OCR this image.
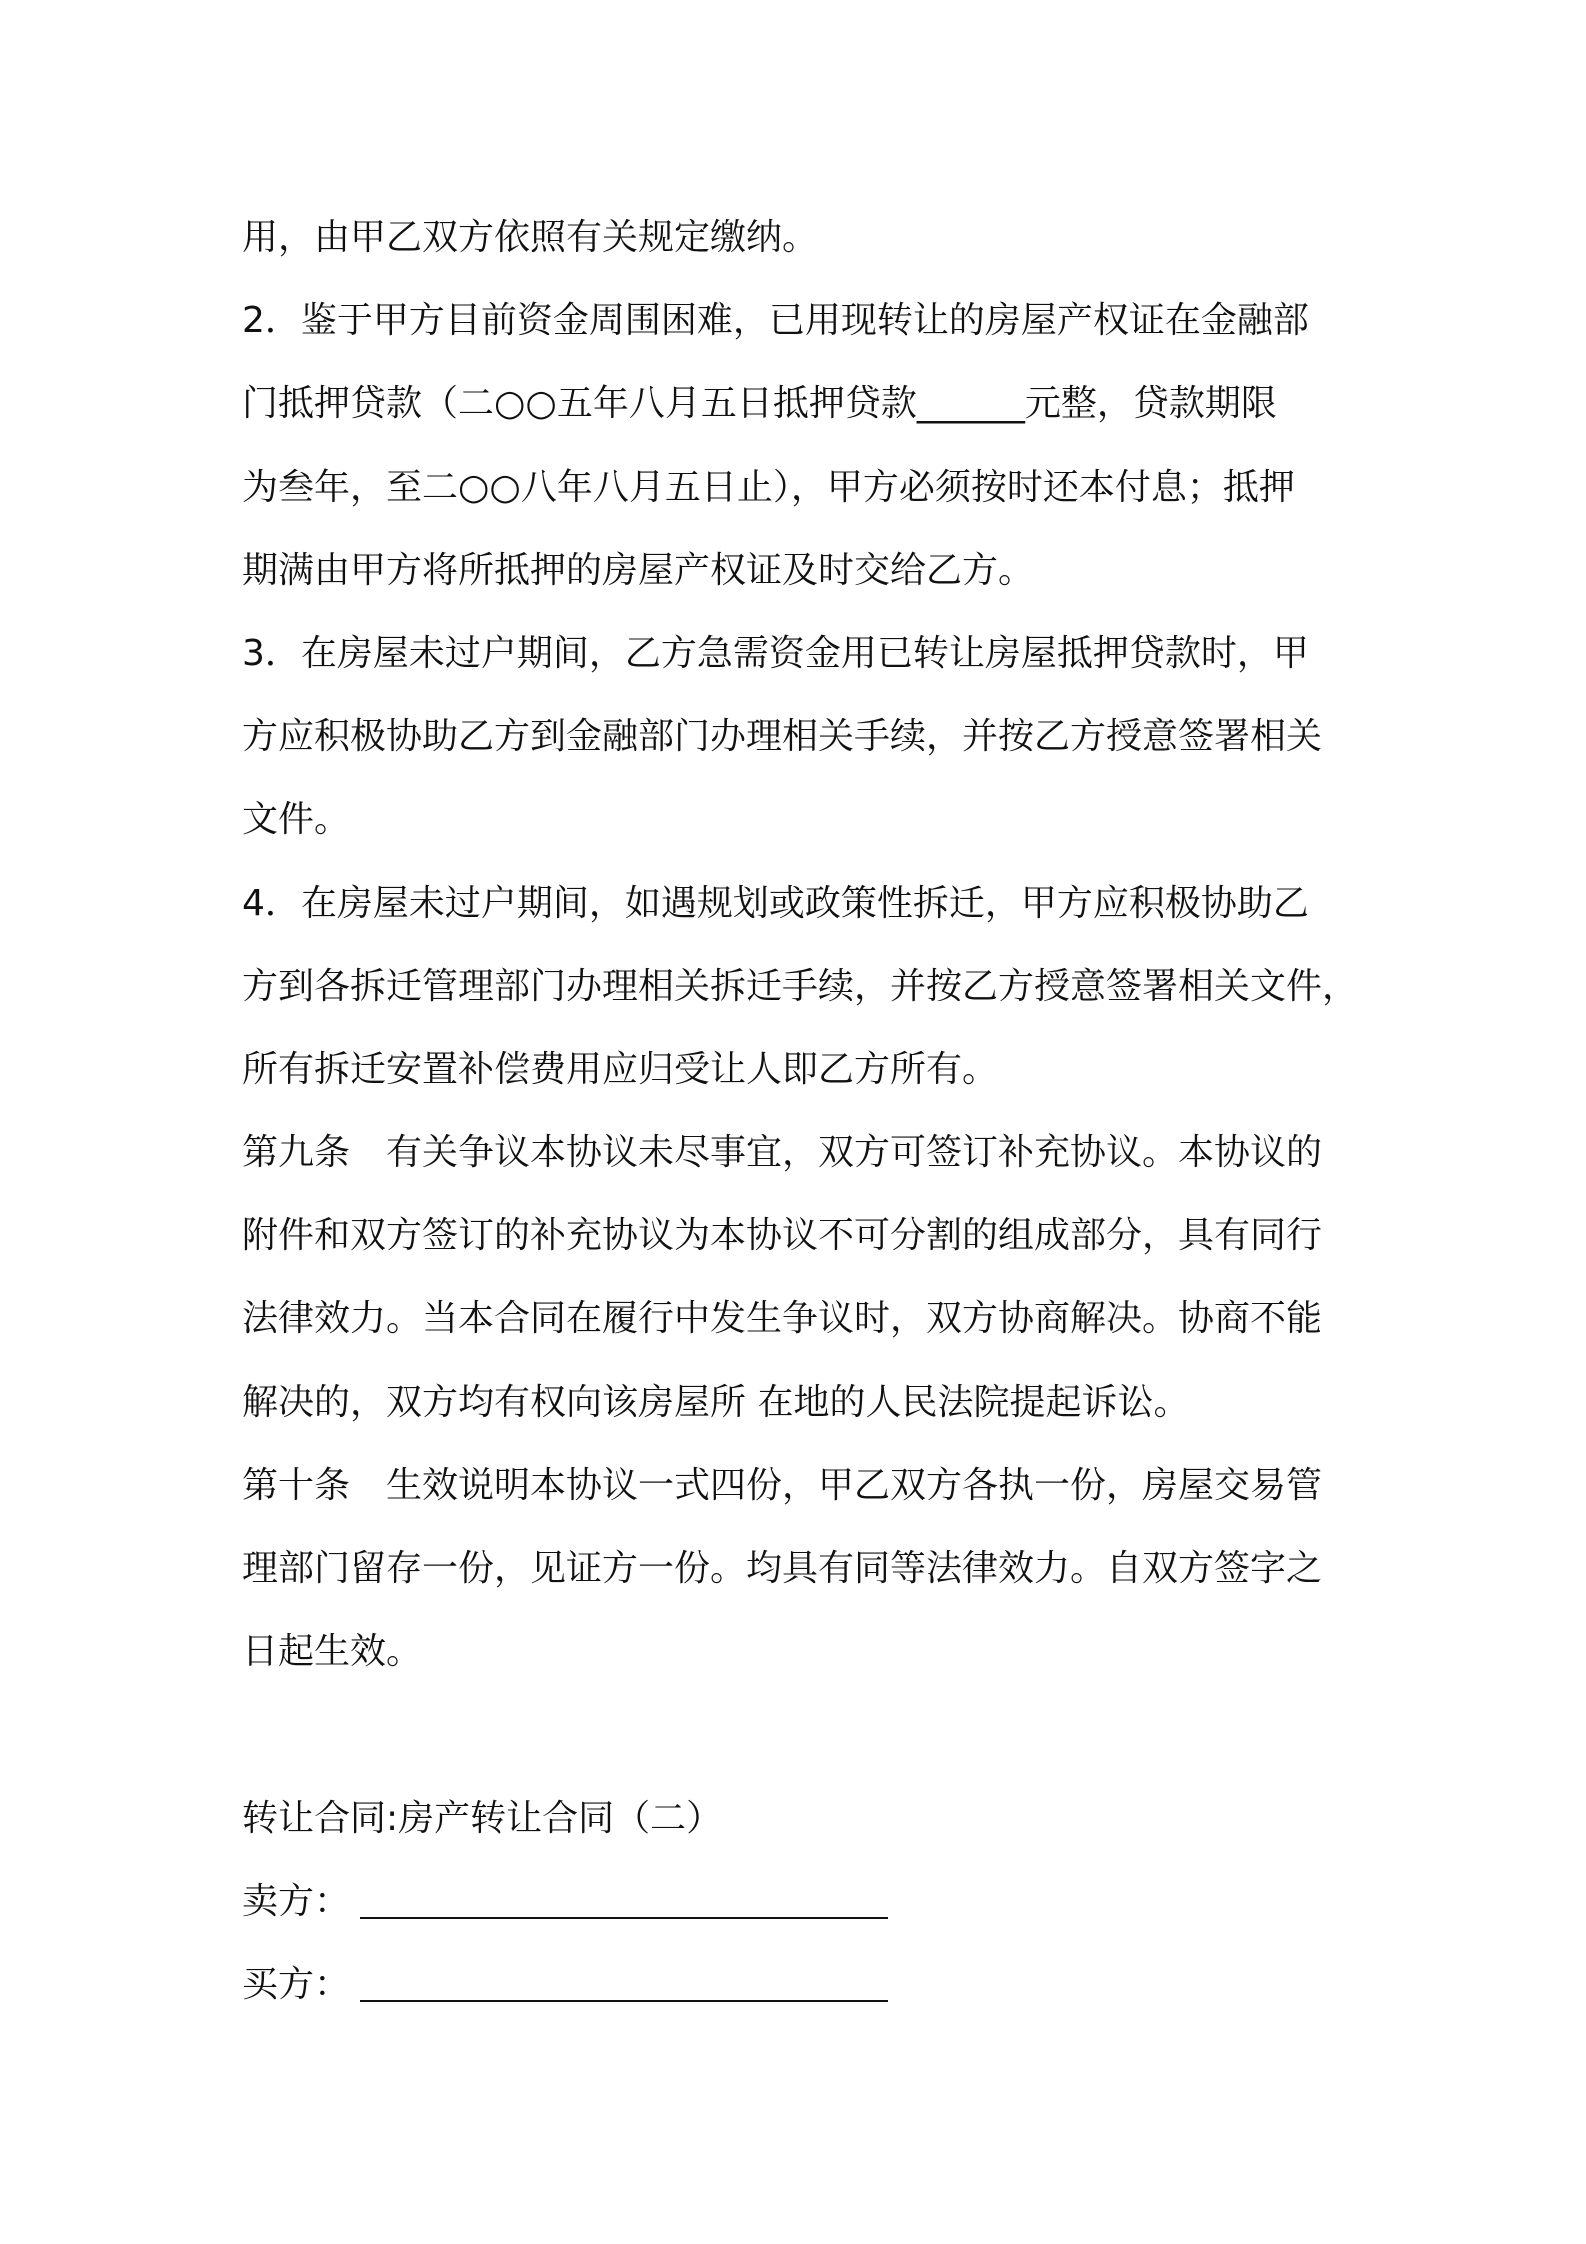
用，由甲乙双方依照有关规定缴纳。
2．鉴于甲方目前资金周围困难，已用现转让的房屋产权证在金融部
门抵押贷款（二○○五年八月五日抵押贷款______元整，贷款期限
为叁年，至二○○八年八月五日止），甲方必须按时还本付息；抵押
期满由甲方将所抵押的房屋产权证及时交给乙方。
3．在房屋未过户期间，乙方急需资金用已转让房屋抵押贷款时，甲
方应积极协助乙方到金融部门办理相关手续，并按乙方授意签署相关
文件。
4．在房屋未过户期间，如遇规划或政策性拆迁，甲方应积极协助乙
方到各拆迁管理部门办理相关拆迁手续，并按乙方授意签署相关文件，
所有拆迁安置补偿费用应归受让人即乙方所有。
第九条　有关争议本协议未尽事宜，双方可签订补充协议。本协议的
附件和双方签订的补充协议为本协议不可分割的组成部分，具有同行
法律效力。当本合同在履行中发生争议时，双方协商解决。协商不能
解决的，双方均有权向该房屋所 在地的人民法院提起诉讼。
第十条　生效说明本协议一式四份，甲乙双方各执一份，房屋交易管
理部门留存一份，见证方一份。均具有同等法律效力。自双方签字之
日起生效。
转让合同:房产转让合同（二）
卖方：
买方：
